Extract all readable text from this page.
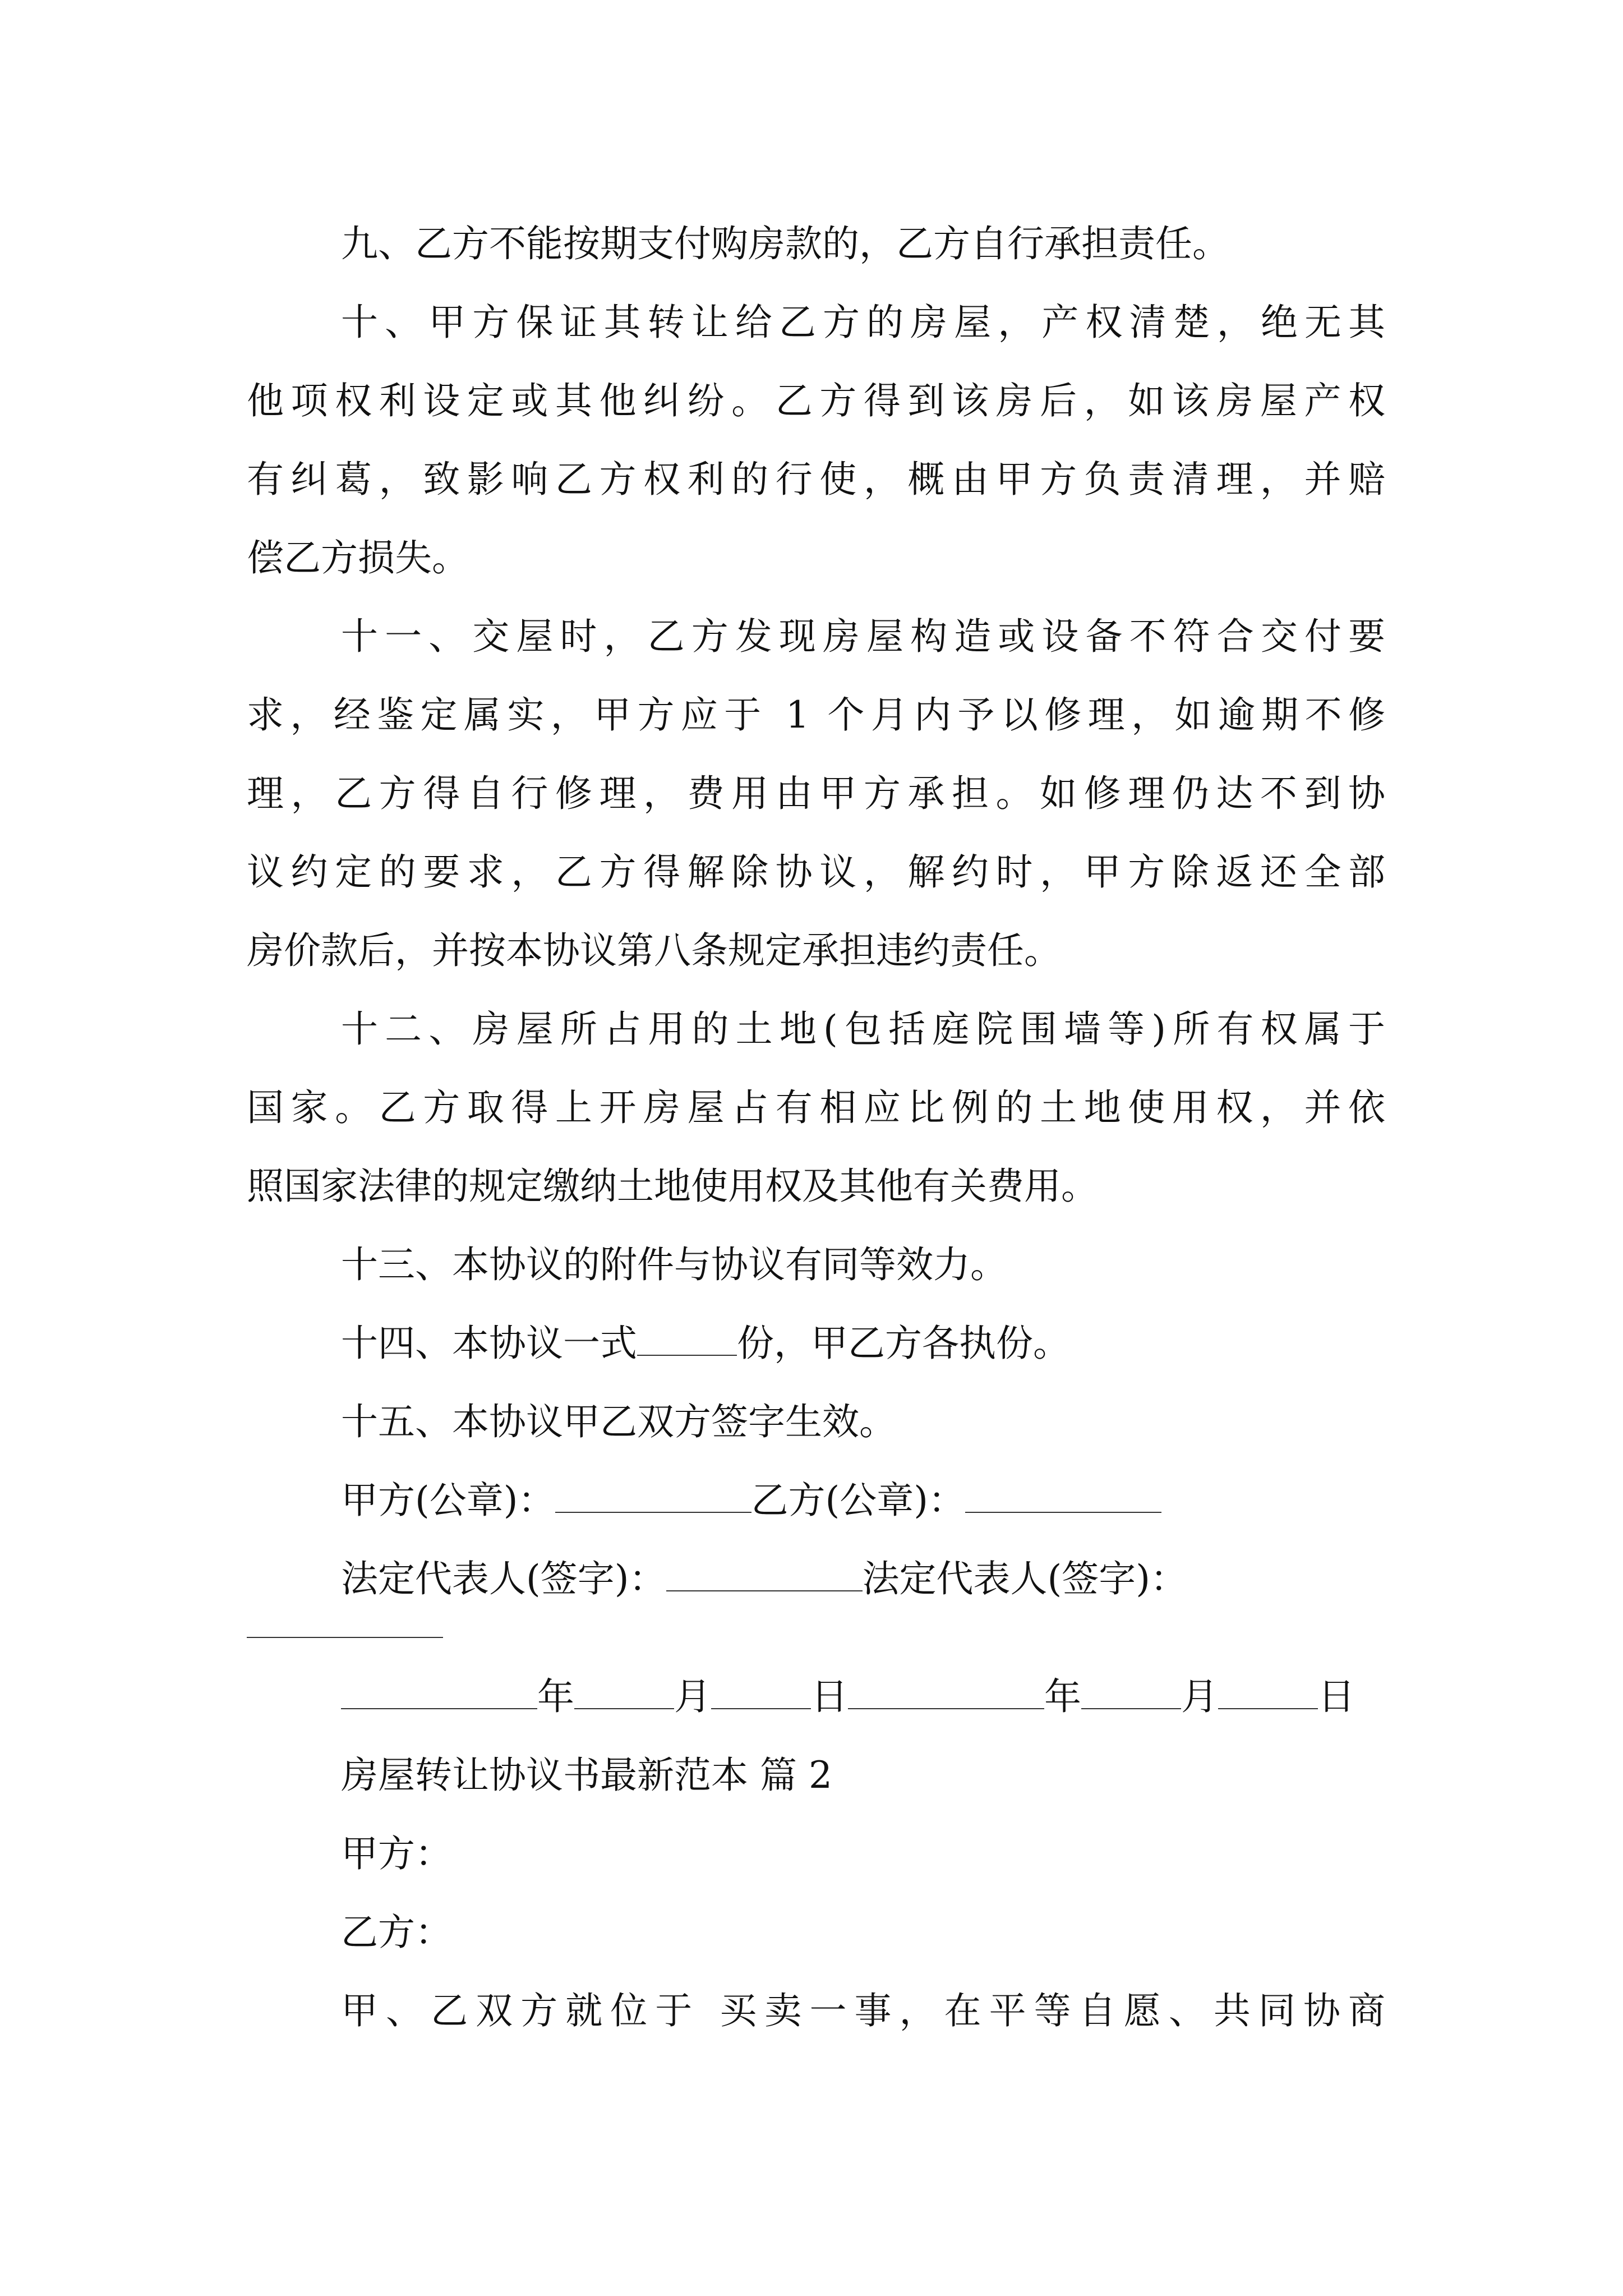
九、乙方不能按期支付购房款的，乙方自行承担责任。
十、甲方保证其转让给乙方的房屋，产权清楚，绝无其
他项权利设定或其他纠纷。乙方得到该房后，如该房屋产权
有纠葛，致影响乙方权利的行使，概由甲方负责清理，并赔
偿乙方损失。
十一、交屋时，乙方发现房屋构造或设备不符合交付要
求，经鉴定属实，甲方应于 1 个月内予以修理，如逾期不修
理，乙方得自行修理，费用由甲方承担。如修理仍达不到协
议约定的要求，乙方得解除协议，解约时，甲方除返还全部
房价款后，并按本协议第八条规定承担违约责任。
十二、房屋所占用的土地(包括庭院围墙等)所有权属于
国家。乙方取得上开房屋占有相应比例的土地使用权，并依
照国家法律的规定缴纳土地使用权及其他有关费用。
十三、本协议的附件与协议有同等效力。
十四、本协议一式	份，甲乙方各执份。
十五、本协议甲乙双方签字生效。
甲方(公章)：	乙方(公章)：
法定代表人(签字)：	法定代表人(签字)：
年	月	日	年	月	日
房屋转让协议书最新范本 篇 2
甲方：
乙方：
甲、乙双方就位于 买卖一事，在平等自愿、共同协商
